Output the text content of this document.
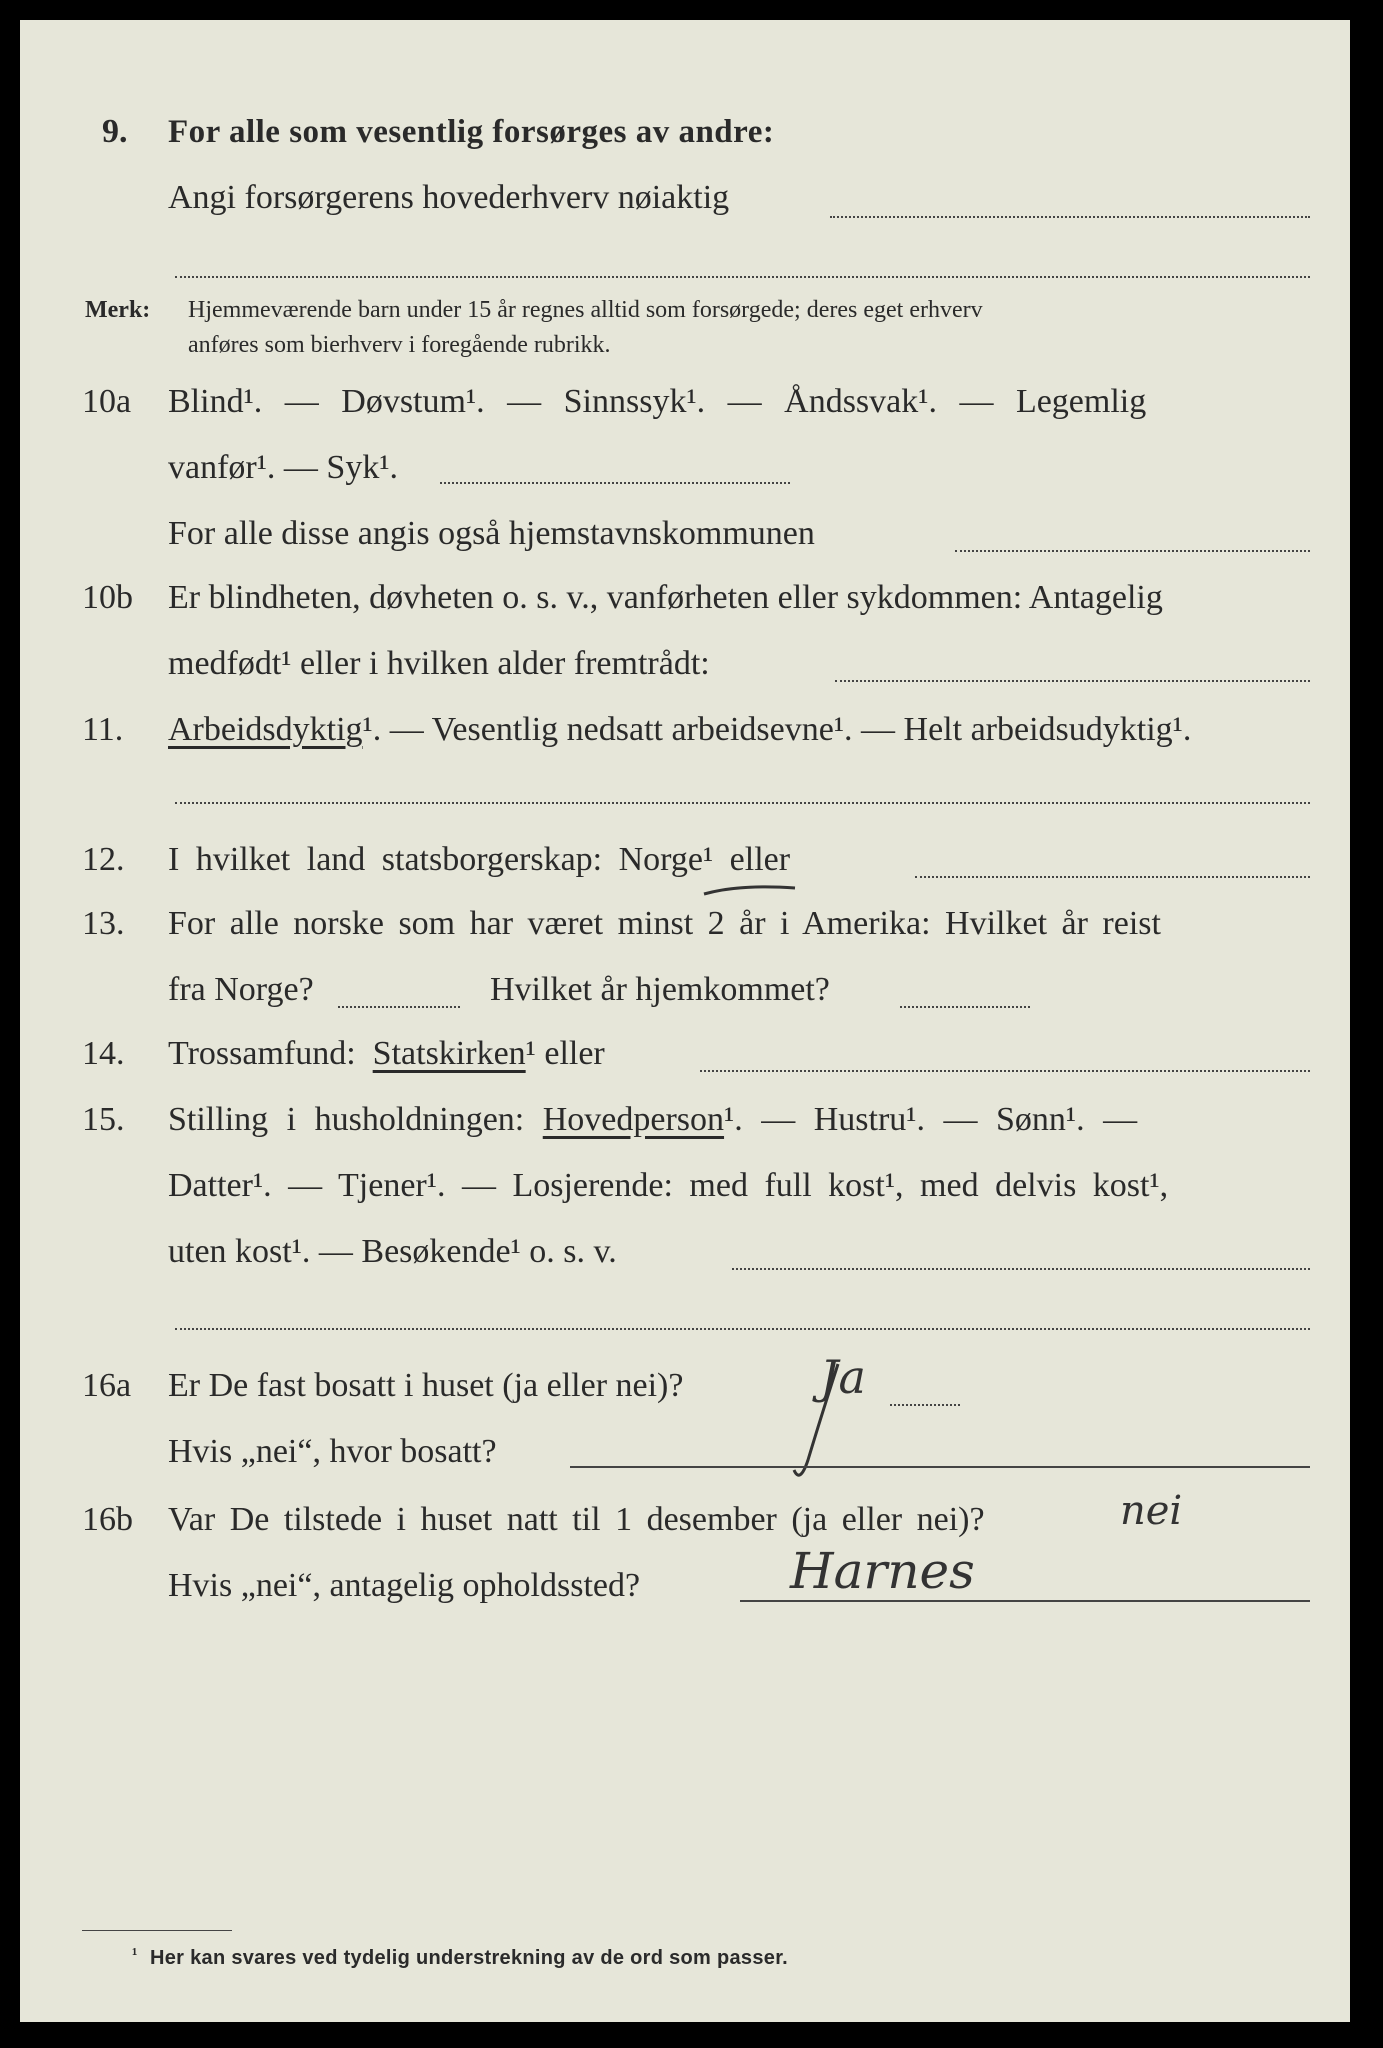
9. For alle som vesentlig forsørges av andre:
Angi forsørgerens hovederhverv nøiaktig
Merk: Hjemmeværende barn under 15 år regnes alltid som forsørgede; deres eget erhverv
anføres som bierhverv i foregående rubrikk.
10a Blind¹. — Døvstum¹. — Sinnssyk¹. — Åndssvak¹. — Legemlig
vanfør¹. — Syk¹.
For alle disse angis også hjemstavnskommunen
10b Er blindheten, døvheten o. s. v., vanførheten eller sykdommen: Antagelig
medfødt¹ eller i hvilken alder fremtrådt:
11. Arbeidsdyktig¹. — Vesentlig nedsatt arbeidsevne¹. — Helt arbeidsudyktig¹.
12. I hvilket land statsborgerskap: Norge¹ eller
13. For alle norske som har været minst 2 år i Amerika: Hvilket år reist
fra Norge?	Hvilket år hjemkommet?
14. Trossamfund: Statskirken¹ eller
15. Stilling i husholdningen: Hovedperson¹. — Hustru¹. — Sønn¹. —
Datter¹. — Tjener¹. — Losjerende: med full kost¹, med delvis kost¹,
uten kost¹. — Besøkende¹ o. s. v.
16a Er De fast bosatt i huset (ja eller nei)?	Ja
Hvis „nei“, hvor bosatt?
16b Var De tilstede i huset natt til 1 desember (ja eller nei)?	nei
Hvis „nei“, antagelig opholdssted?	Harnes
¹ Her kan svares ved tydelig understrekning av de ord som passer.
